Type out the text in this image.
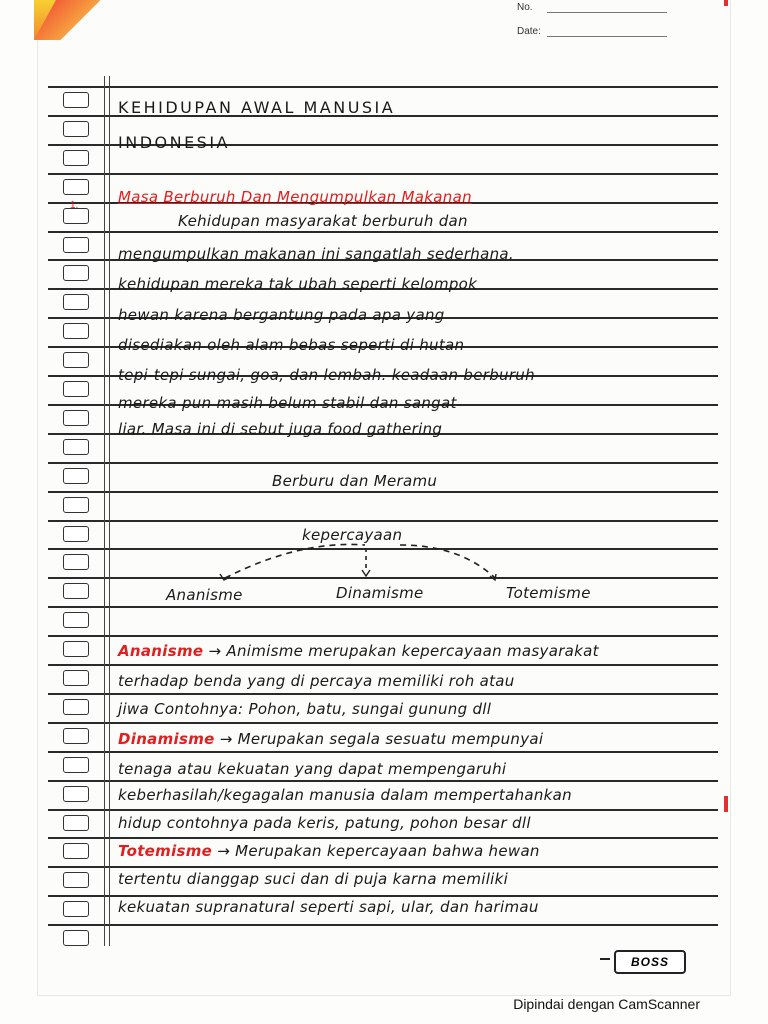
No.
Date:
1.
KEHIDUPAN AWAL MANUSIA
INDONESIA
Masa Berburuh Dan Mengumpulkan Makanan
Kehidupan masyarakat berburuh dan
mengumpulkan makanan ini sangatlah sederhana.
kehidupan mereka tak ubah seperti kelompok
hewan karena bergantung pada apa yang
disediakan oleh alam bebas seperti di hutan
tepi-tepi sungai, goa, dan lembah. keadaan berburuh
mereka pun masih belum stabil dan sangat
liar. Masa ini di sebut juga food gathering
Berburu dan Meramu
kepercayaan
Ananisme	Dinamisme	Totemisme
Ananisme → Animisme merupakan kepercayaan masyarakat
terhadap benda yang di percaya memiliki roh atau
jiwa Contohnya: Pohon, batu, sungai gunung dll
Dinamisme → Merupakan segala sesuatu mempunyai
tenaga atau kekuatan yang dapat mempengaruhi
keberhasilah/kegagalan manusia dalam mempertahankan
hidup contohnya pada keris, patung, pohon besar dll
Totemisme → Merupakan kepercayaan bahwa hewan
tertentu dianggap suci dan di puja karna memiliki
kekuatan supranatural seperti sapi, ular, dan harimau
BOSS
Dipindai dengan CamScanner
